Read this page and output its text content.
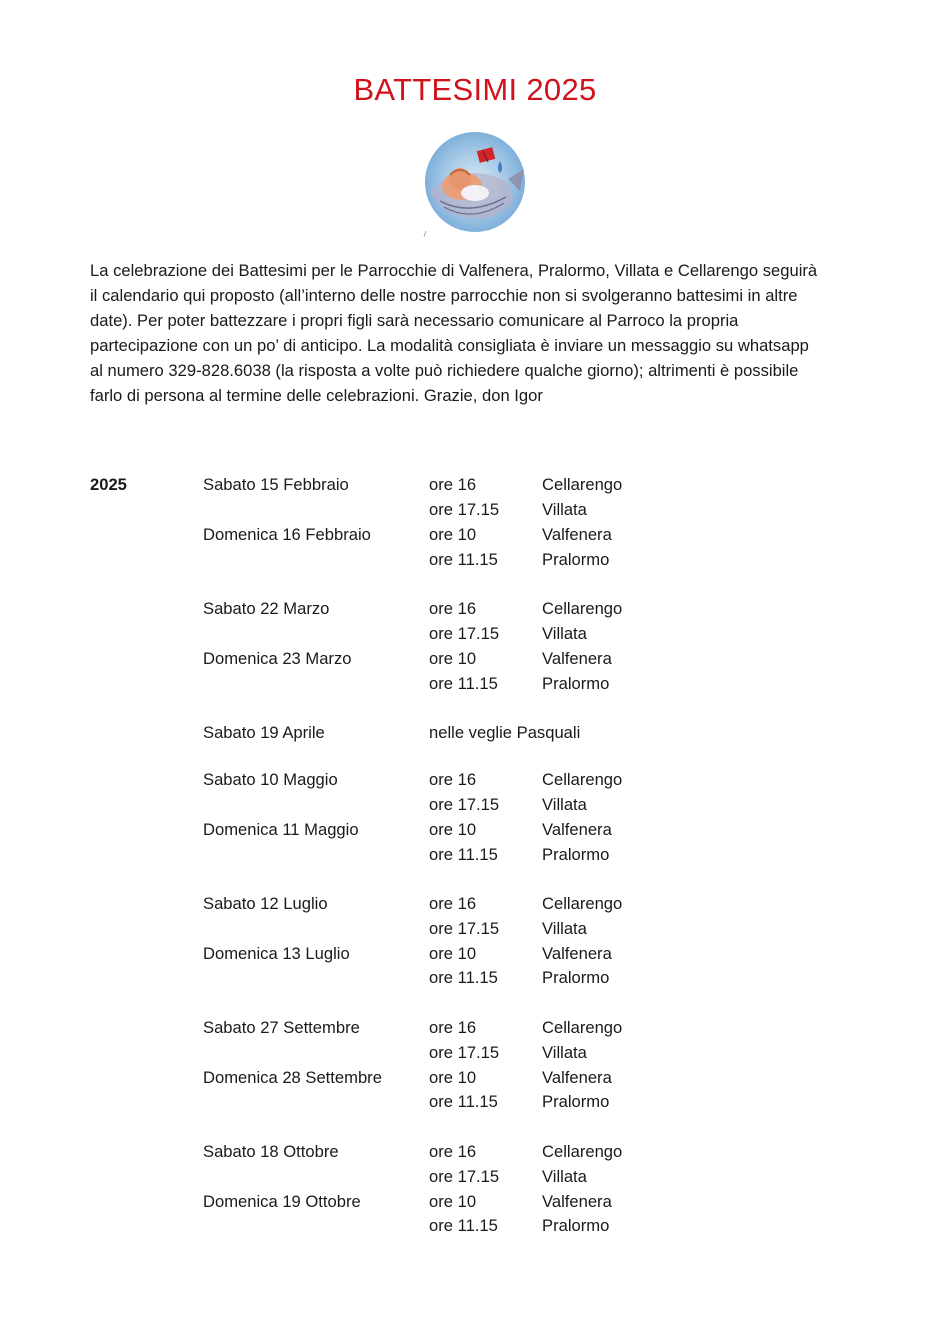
BATTESIMI 2025
La celebrazione dei Battesimi per le Parrocchie di Valfenera, Pralormo, Villata e Cellarengo seguirà
il calendario qui proposto (all’interno delle nostre parrocchie non si svolgeranno battesimi in altre
date). Per poter battezzare i propri figli sarà necessario comunicare al Parroco la propria
partecipazione con un po’ di anticipo. La modalità consigliata è inviare un messaggio su whatsapp
al numero 329-828.6038 (la risposta a volte può richiedere qualche giorno); altrimenti è possibile
farlo di persona al termine delle celebrazioni. Grazie, don Igor
2025	Sabato 15 Febbraio	ore 16	Cellarengo
ore 17.15	Villata
Domenica 16 Febbraio	ore 10	Valfenera
ore 11.15	Pralormo
Sabato 22 Marzo	ore 16	Cellarengo
ore 17.15	Villata
Domenica 23 Marzo	ore 10	Valfenera
ore 11.15	Pralormo
Sabato 19 Aprile	nelle veglie Pasquali
Sabato 10 Maggio	ore 16	Cellarengo
ore 17.15	Villata
Domenica 11 Maggio	ore 10	Valfenera
ore 11.15	Pralormo
Sabato 12 Luglio	ore 16	Cellarengo
ore 17.15	Villata
Domenica 13 Luglio	ore 10	Valfenera
ore 11.15	Pralormo
Sabato 27 Settembre	ore 16	Cellarengo
ore 17.15	Villata
Domenica 28 Settembre	ore 10	Valfenera
ore 11.15	Pralormo
Sabato 18 Ottobre	ore 16	Cellarengo
ore 17.15	Villata
Domenica 19 Ottobre	ore 10	Valfenera
ore 11.15	Pralormo
